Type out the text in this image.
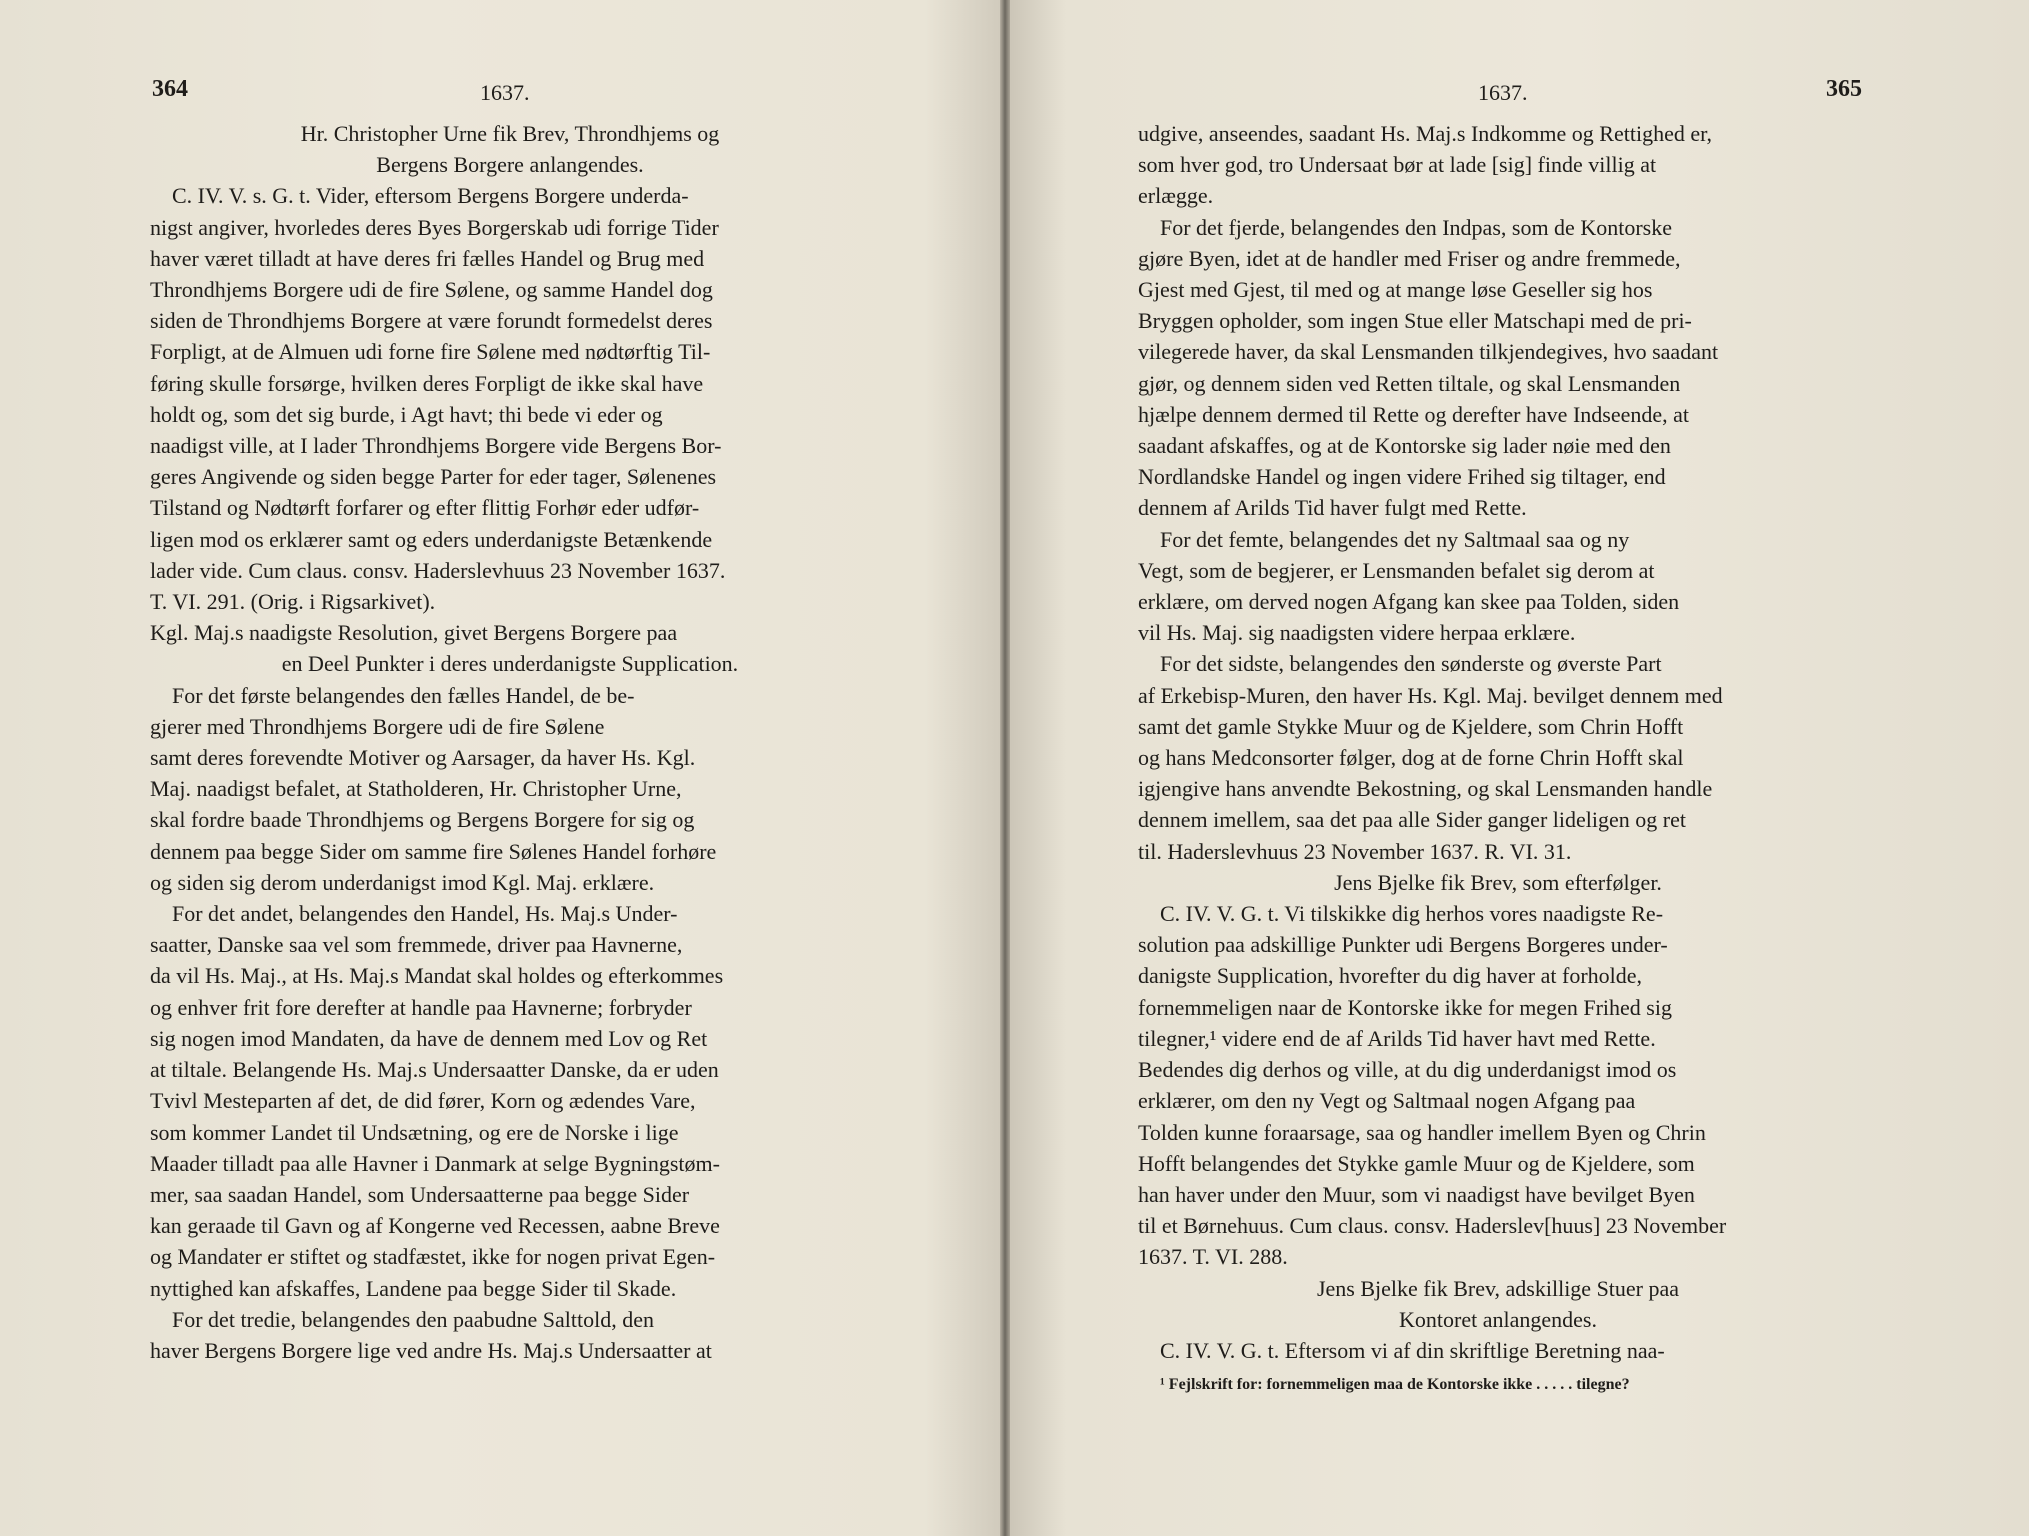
364	1637.

Hr. Christopher Urne fik Brev, Throndhjems og

Bergens Borgere anlangendes.

C. IV. V. s. G. t. Vider, eftersom Bergens Borgere underda-

nigst angiver, hvorledes deres Byes Borgerskab udi forrige Tider

haver været tilladt at have deres fri fælles Handel og Brug med

Throndhjems Borgere udi de fire Sølene, og samme Handel dog

siden de Throndhjems Borgere at være forundt formedelst deres

Forpligt, at de Almuen udi forne fire Sølene med nødtørftig Til-

føring skulle forsørge, hvilken deres Forpligt de ikke skal have

holdt og, som det sig burde, i Agt havt; thi bede vi eder og

naadigst ville, at I lader Throndhjems Borgere vide Bergens Bor-

geres Angivende og siden begge Parter for eder tager, Sølenenes

Tilstand og Nødtørft forfarer og efter flittig Forhør eder udfør-

ligen mod os erklærer samt og eders underdanigste Betænkende

lader vide. Cum claus. consv. Haderslevhuus 23 November 1637.

T. VI. 291. (Orig. i Rigsarkivet).

Kgl. Maj.s naadigste Resolution, givet Bergens Borgere paa

en Deel Punkter i deres underdanigste Supplication.

For det første belangendes den fælles Handel, de be-

gjerer med Throndhjems Borgere udi de fire Sølene

samt deres forevendte Motiver og Aarsager, da haver Hs. Kgl.

Maj. naadigst befalet, at Statholderen, Hr. Christopher Urne,

skal fordre baade Throndhjems og Bergens Borgere for sig og

dennem paa begge Sider om samme fire Sølenes Handel forhøre

og siden sig derom underdanigst imod Kgl. Maj. erklære.

For det andet, belangendes den Handel, Hs. Maj.s Under-

saatter, Danske saa vel som fremmede, driver paa Havnerne,

da vil Hs. Maj., at Hs. Maj.s Mandat skal holdes og efterkommes

og enhver frit fore derefter at handle paa Havnerne; forbryder

sig nogen imod Mandaten, da have de dennem med Lov og Ret

at tiltale. Belangende Hs. Maj.s Undersaatter Danske, da er uden

Tvivl Mesteparten af det, de did fører, Korn og ædendes Vare,

som kommer Landet til Undsætning, og ere de Norske i lige

Maader tilladt paa alle Havner i Danmark at selge Bygningstøm-

mer, saa saadan Handel, som Undersaatterne paa begge Sider

kan geraade til Gavn og af Kongerne ved Recessen, aabne Breve

og Mandater er stiftet og stadfæstet, ikke for nogen privat Egen-

nyttighed kan afskaffes, Landene paa begge Sider til Skade.

For det tredie, belangendes den paabudne Salttold, den

haver Bergens Borgere lige ved andre Hs. Maj.s Undersaatter at

1637.	365

udgive, anseendes, saadant Hs. Maj.s Indkomme og Rettighed er,

som hver god, tro Undersaat bør at lade [sig] finde villig at

erlægge.

For det fjerde, belangendes den Indpas, som de Kontorske

gjøre Byen, idet at de handler med Friser og andre fremmede,

Gjest med Gjest, til med og at mange løse Geseller sig hos

Bryggen opholder, som ingen Stue eller Matschapi med de pri-

vilegerede haver, da skal Lensmanden tilkjendegives, hvo saadant

gjør, og dennem siden ved Retten tiltale, og skal Lensmanden

hjælpe dennem dermed til Rette og derefter have Indseende, at

saadant afskaffes, og at de Kontorske sig lader nøie med den

Nordlandske Handel og ingen videre Frihed sig tiltager, end

dennem af Arilds Tid haver fulgt med Rette.

For det femte, belangendes det ny Saltmaal saa og ny

Vegt, som de begjerer, er Lensmanden befalet sig derom at

erklære, om derved nogen Afgang kan skee paa Tolden, siden

vil Hs. Maj. sig naadigsten videre herpaa erklære.

For det sidste, belangendes den sønderste og øverste Part

af Erkebisp-Muren, den haver Hs. Kgl. Maj. bevilget dennem med

samt det gamle Stykke Muur og de Kjeldere, som Chrin Hofft

og hans Medconsorter følger, dog at de forne Chrin Hofft skal

igjengive hans anvendte Bekostning, og skal Lensmanden handle

dennem imellem, saa det paa alle Sider ganger lideligen og ret

til. Haderslevhuus 23 November 1637. R. VI. 31.

Jens Bjelke fik Brev, som efterfølger.

C. IV. V. G. t. Vi tilskikke dig herhos vores naadigste Re-

solution paa adskillige Punkter udi Bergens Borgeres under-

danigste Supplication, hvorefter du dig haver at forholde,

fornemmeligen naar de Kontorske ikke for megen Frihed sig

tilegner,¹ videre end de af Arilds Tid haver havt med Rette.

Bedendes dig derhos og ville, at du dig underdanigst imod os

erklærer, om den ny Vegt og Saltmaal nogen Afgang paa

Tolden kunne foraarsage, saa og handler imellem Byen og Chrin

Hofft belangendes det Stykke gamle Muur og de Kjeldere, som

han haver under den Muur, som vi naadigst have bevilget Byen

til et Børnehuus. Cum claus. consv. Haderslev[huus] 23 November

1637. T. VI. 288.

Jens Bjelke fik Brev, adskillige Stuer paa

Kontoret anlangendes.

C. IV. V. G. t. Eftersom vi af din skriftlige Beretning naa-

¹ Fejlskrift for: fornemmeligen maa de Kontorske ikke . . . . . tilegne?
